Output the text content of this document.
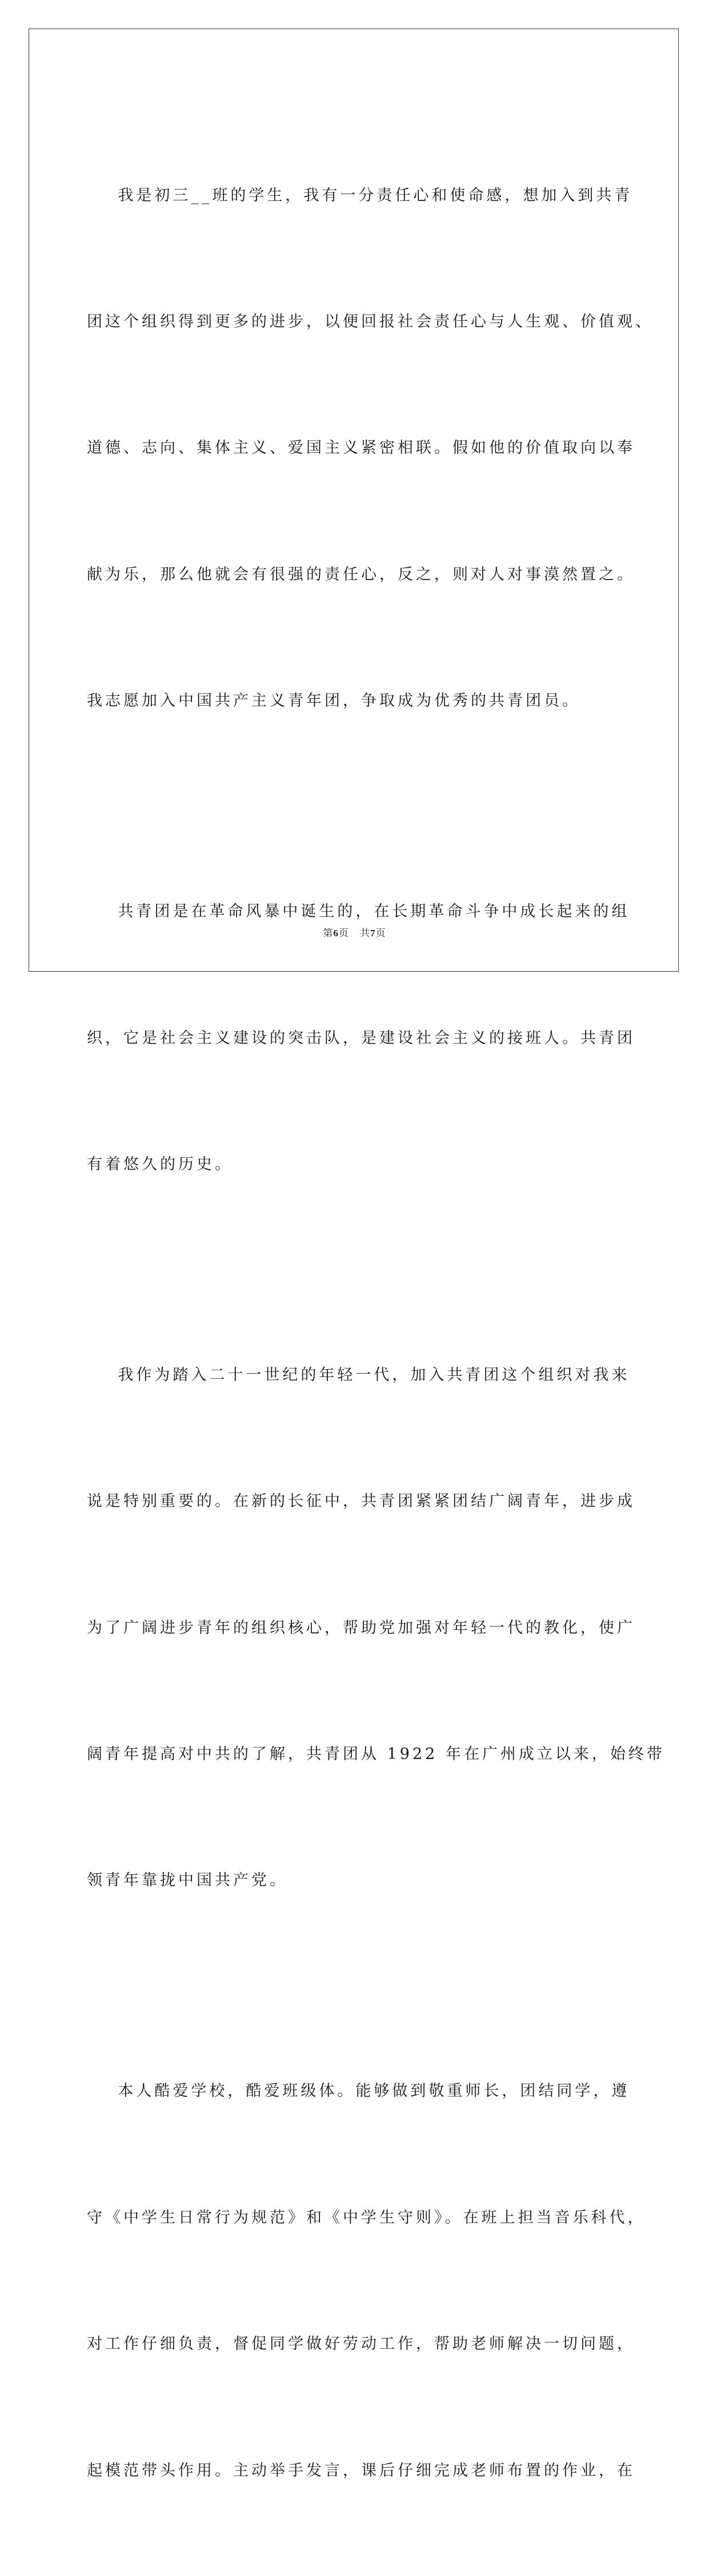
我是初三__班的学生，我有一分责任心和使命感，想加入到共青

团这个组织得到更多的进步，以便回报社会责任心与人生观、价值观、

道德、志向、集体主义、爱国主义紧密相联。假如他的价值取向以奉

献为乐，那么他就会有很强的责任心，反之，则对人对事漠然置之。

我志愿加入中国共产主义青年团，争取成为优秀的共青团员。

共青团是在革命风暴中诞生的，在长期革命斗争中成长起来的组

织，它是社会主义建设的突击队，是建设社会主义的接班人。共青团

有着悠久的历史。

我作为踏入二十一世纪的年轻一代，加入共青团这个组织对我来

说是特别重要的。在新的长征中，共青团紧紧团结广阔青年，进步成

为了广阔进步青年的组织核心，帮助党加强对年轻一代的教化，使广

阔青年提高对中共的了解，共青团从 1922 年在广州成立以来，始终带

领青年靠拢中国共产党。

本人酷爱学校，酷爱班级体。能够做到敬重师长，团结同学，遵

守《中学生日常行为规范》和《中学生守则》。在班上担当音乐科代，

对工作仔细负责，督促同学做好劳动工作，帮助老师解决一切问题，

起模范带头作用。主动举手发言，课后仔细完成老师布置的作业，在

第6页 共7页
